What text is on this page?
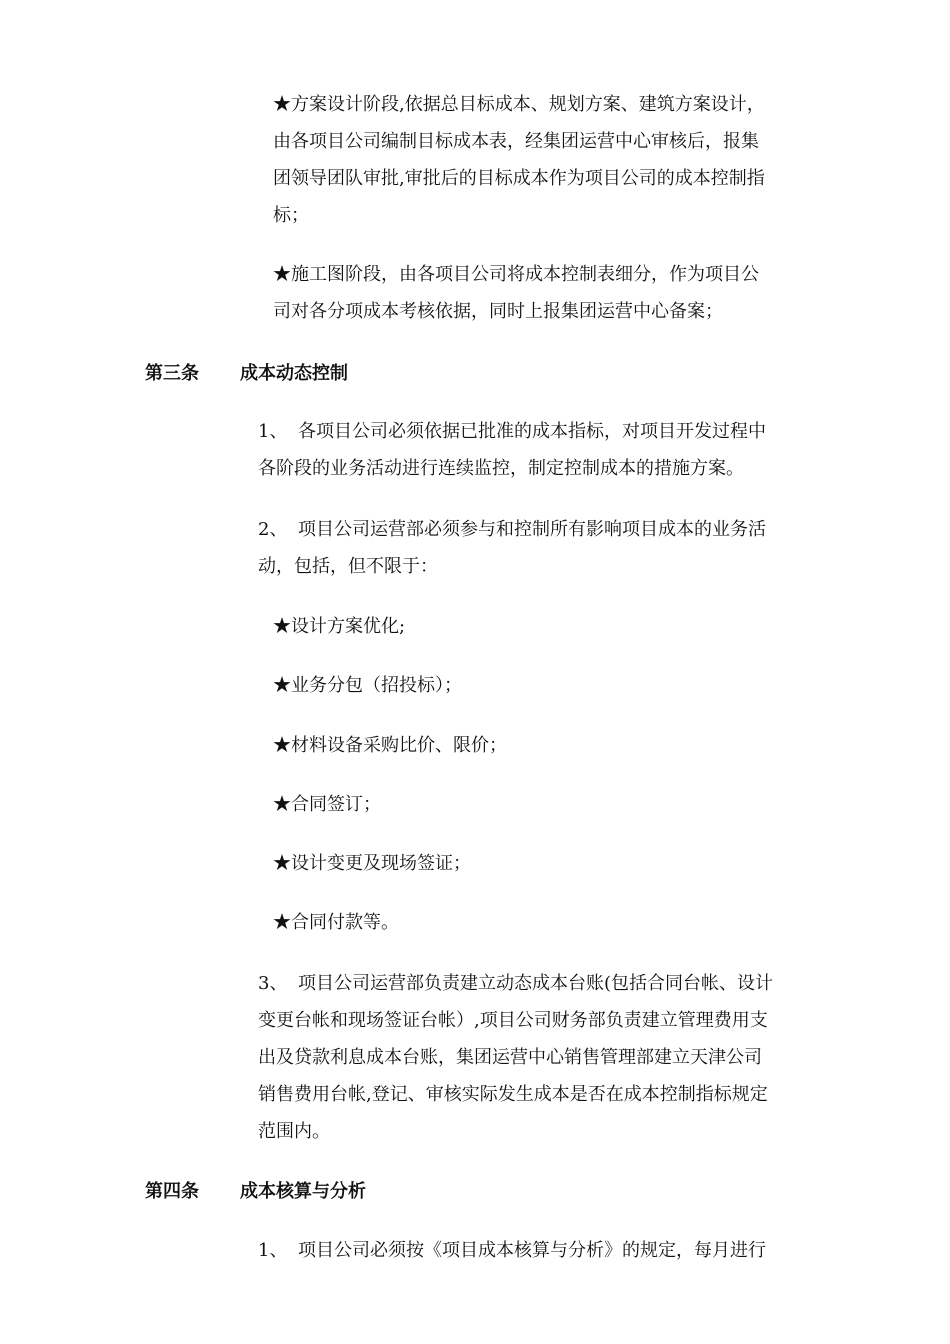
★方案设计阶段,依据总目标成本、规划方案、建筑方案设计，
由各项目公司编制目标成本表，经集团运营中心审核后，报集
团领导团队审批,审批后的目标成本作为项目公司的成本控制指
标；
★施工图阶段，由各项目公司将成本控制表细分，作为项目公
司对各分项成本考核依据，同时上报集团运营中心备案；
第三条 成本动态控制
1、 各项目公司必须依据已批准的成本指标，对项目开发过程中
各阶段的业务活动进行连续监控，制定控制成本的措施方案。
2、 项目公司运营部必须参与和控制所有影响项目成本的业务活
动，包括，但不限于：
★设计方案优化;
★业务分包（招投标）；
★材料设备采购比价、限价；
★合同签订；
★设计变更及现场签证；
★合同付款等。
3、 项目公司运营部负责建立动态成本台账(包括合同台帐、设计
变更台帐和现场签证台帐）,项目公司财务部负责建立管理费用支
出及贷款利息成本台账，集团运营中心销售管理部建立天津公司
销售费用台帐,登记、审核实际发生成本是否在成本控制指标规定
范围内。
第四条 成本核算与分析
1、 项目公司必须按《项目成本核算与分析》的规定，每月进行
